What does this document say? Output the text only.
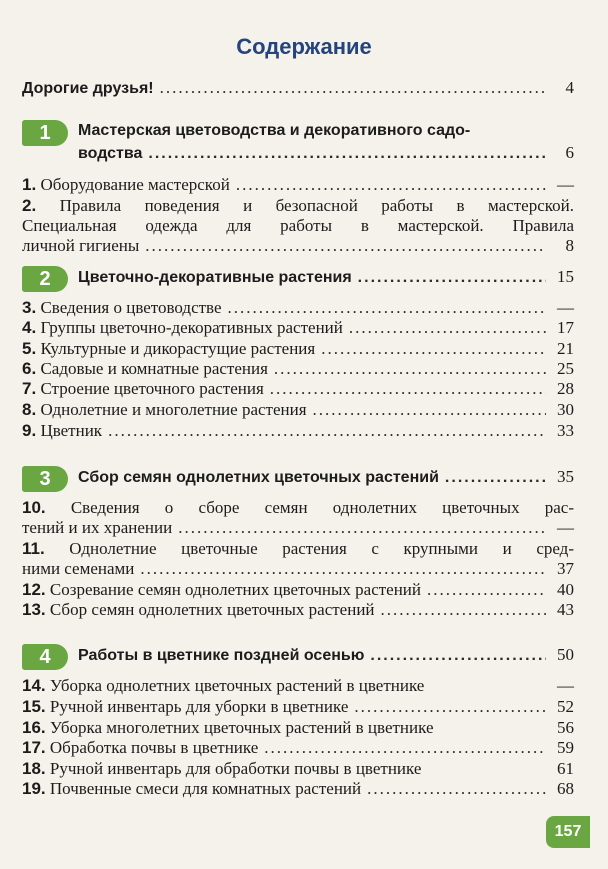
Содержание
Дорогие друзья! .....	4
1	Мастерская цветоводства и декоративного садо-
водства .....	6
1. Оборудование мастерской .....	—
2. Правила поведения и безопасной работы в мастерской.
Специальная одежда для работы в мастерской. Правила
личной гигиены .....	8
2	Цветочно-декоративные растения .....	15
3. Сведения о цветоводстве .....	—
4. Группы цветочно-декоративных растений .....	17
5. Культурные и дикорастущие растения .....	21
6. Садовые и комнатные растения .....	25
7. Строение цветочного растения .....	28
8. Однолетние и многолетние растения .....	30
9. Цветник .....	33
3	Сбор семян однолетних цветочных растений .....	35
10. Сведения о сборе семян однолетних цветочных рас-
тений и их хранении .....	—
11. Однолетние цветочные растения с крупными и сред-
ними семенами .....	37
12. Созревание семян однолетних цветочных растений .....	40
13. Сбор семян однолетних цветочных растений .....	43
4	Работы в цветнике поздней осенью .....	50
14. Уборка однолетних цветочных растений в цветнике	—
15. Ручной инвентарь для уборки в цветнике .....	52
16. Уборка многолетних цветочных растений в цветнике	56
17. Обработка почвы в цветнике .....	59
18. Ручной инвентарь для обработки почвы в цветнике	61
19. Почвенные смеси для комнатных растений .....	68
157
